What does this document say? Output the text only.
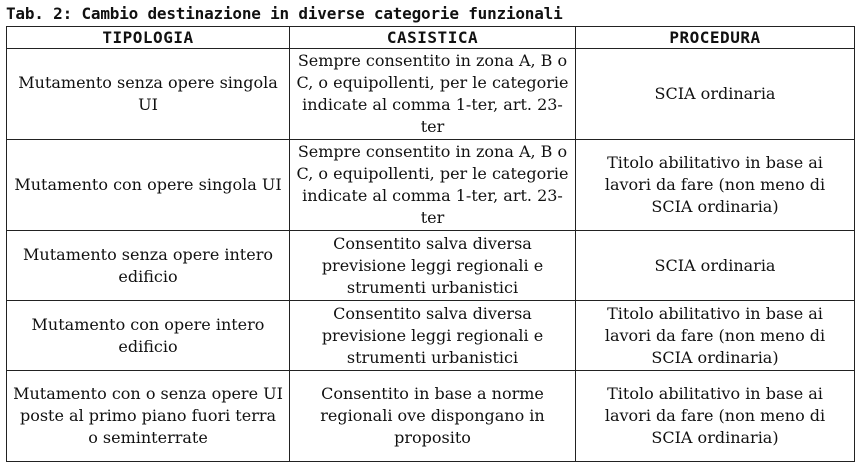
Tab. 2: Cambio destinazione in diverse categorie funzionali
TIPOLOGIA	CASISTICA	PROCEDURA
Mutamento senza opere singola UI	Sempre consentito in zona A, B o C, o equipollenti, per le categorie indicate al comma 1-ter, art. 23-ter	SCIA ordinaria
Mutamento con opere singola UI	Sempre consentito in zona A, B o C, o equipollenti, per le categorie indicate al comma 1-ter, art. 23-ter	Titolo abilitativo in base ai lavori da fare (non meno di SCIA ordinaria)
Mutamento senza opere intero edificio	Consentito salva diversa previsione leggi regionali e strumenti urbanistici	SCIA ordinaria
Mutamento con opere intero edificio	Consentito salva diversa previsione leggi regionali e strumenti urbanistici	Titolo abilitativo in base ai lavori da fare (non meno di SCIA ordinaria)
Mutamento con o senza opere UI poste al primo piano fuori terra o seminterrate	Consentito in base a norme regionali ove dispongano in proposito	Titolo abilitativo in base ai lavori da fare (non meno di SCIA ordinaria)
